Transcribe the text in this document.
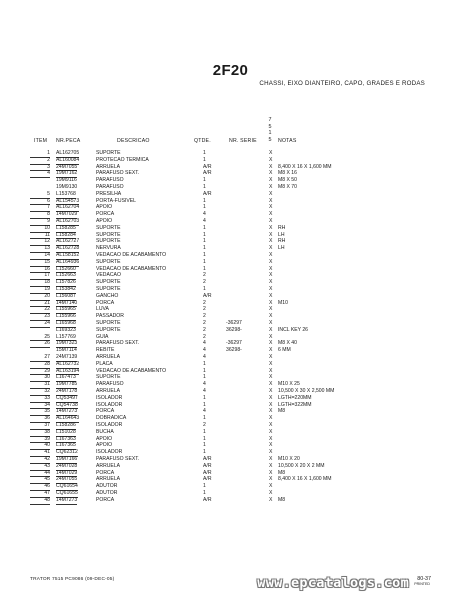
2F20
CHASSI, EIXO DIANTEIRO, CAPO, GRADES E RODAS
7
5
1
5
ITEM NR.PECA	DESCRICAO	QTDE.	NR. SERIE	NOTAS
1 AL162705	SUPORTE	1	X
2 AL160084	PROTECAO TERMICA	1	X
3 24M7055	ARRUELA	A/R	X 8,400 X 16 X 1,600 MM
4 19M7162	PARAFUSO SEXT.	A/R	X M8 X 16
19M9116	PARAFUSO	1	X M8 X 50
19M9130	PARAFUSO	1	X M8 X 70
5 L153768	PRESILHA	A/R	X
6 AL154573	PORTA-FUSIVEL	1	X
7 AL162704	APOIO	1	X
8 14M7029	PORCA	4	X
9 AL162703	APOIO	4	X
10 L158285	SUPORTE	1	X RH
11 L158284	SUPORTE	1	X LH
12 AL162727	SUPORTE	1	X RH
13 AL162728	NERVURA	1	X LH
14 AL158152	VEDACAO DE ACABAMENTO	1	X
15 AL164936	SUPORTE	1	X
16 L152660	VEDACAO DE ACABAMENTO	1	X
17 L152663	VEDACAO	2	X
18 L157826	SUPORTE	2	X
19 L153842	SUPORTE	1	X
20 L156087	GANCHO	A/R	X
21 14M7140	PORCA	2	X M10
22 L155965	LUVA	2	X
23 L155966	PASSADOR	2	X
24 L165968	SUPORTE	2	-36297	X
L169323	SUPORTE	2	36298-	X INCL KEY 26
25 L157769	GUIA	2	X
26 19M7323	PARAFUSO SEXT.	4	-36297	X M8 X 40
15M7114	REBITE	4	36298-	X 6 MM
27 24M7139	ARRUELA	4	X
28 AL162732	PLACA	1	X
29 AL163194	VEDACAO DE ACABAMENTO	1	X
30 L167473	SUPORTE	1	X
31 19M7785	PARAFUSO	4	X M10 X 25
32 24M7178	ARRUELA	4	X 10,500 X 30 X 2,500 MM
33 CQ53497	ISOLADOR	1	X LGTH=220MM
34 CQ54738	ISOLADOR	1	X LGTH=322MM
35 14M7273	PORCA	4	X M8
36 AL164643	DOBRADICA	1	X
37 L158286	ISOLADOR	2	X
38 L151028	BUCHA	1	X
39 L167363	APOIO	1	X
40 L167365	APOIO	1	X
41 CQ62312	ISOLADOR	1	X
42 19M7166	PARAFUSO SEXT.	A/R	X M10 X 20
43 24M7028	ARRUELA	A/R	X 10,500 X 20 X 2 MM
44 14M7029	PORCA	A/R	X M8
45 24M7055	ARRUELA	A/R	X 8,400 X 16 X 1,600 MM
46 CQ61654	ADUTOR	1	X
47 CQ61655	ADUTOR	1	X
48 14M7273	PORCA	A/R	X M8
TRATOR 7515 PC9086 (09-DEC-05)	www.epcatalogs.com 80-37
PRINTED
